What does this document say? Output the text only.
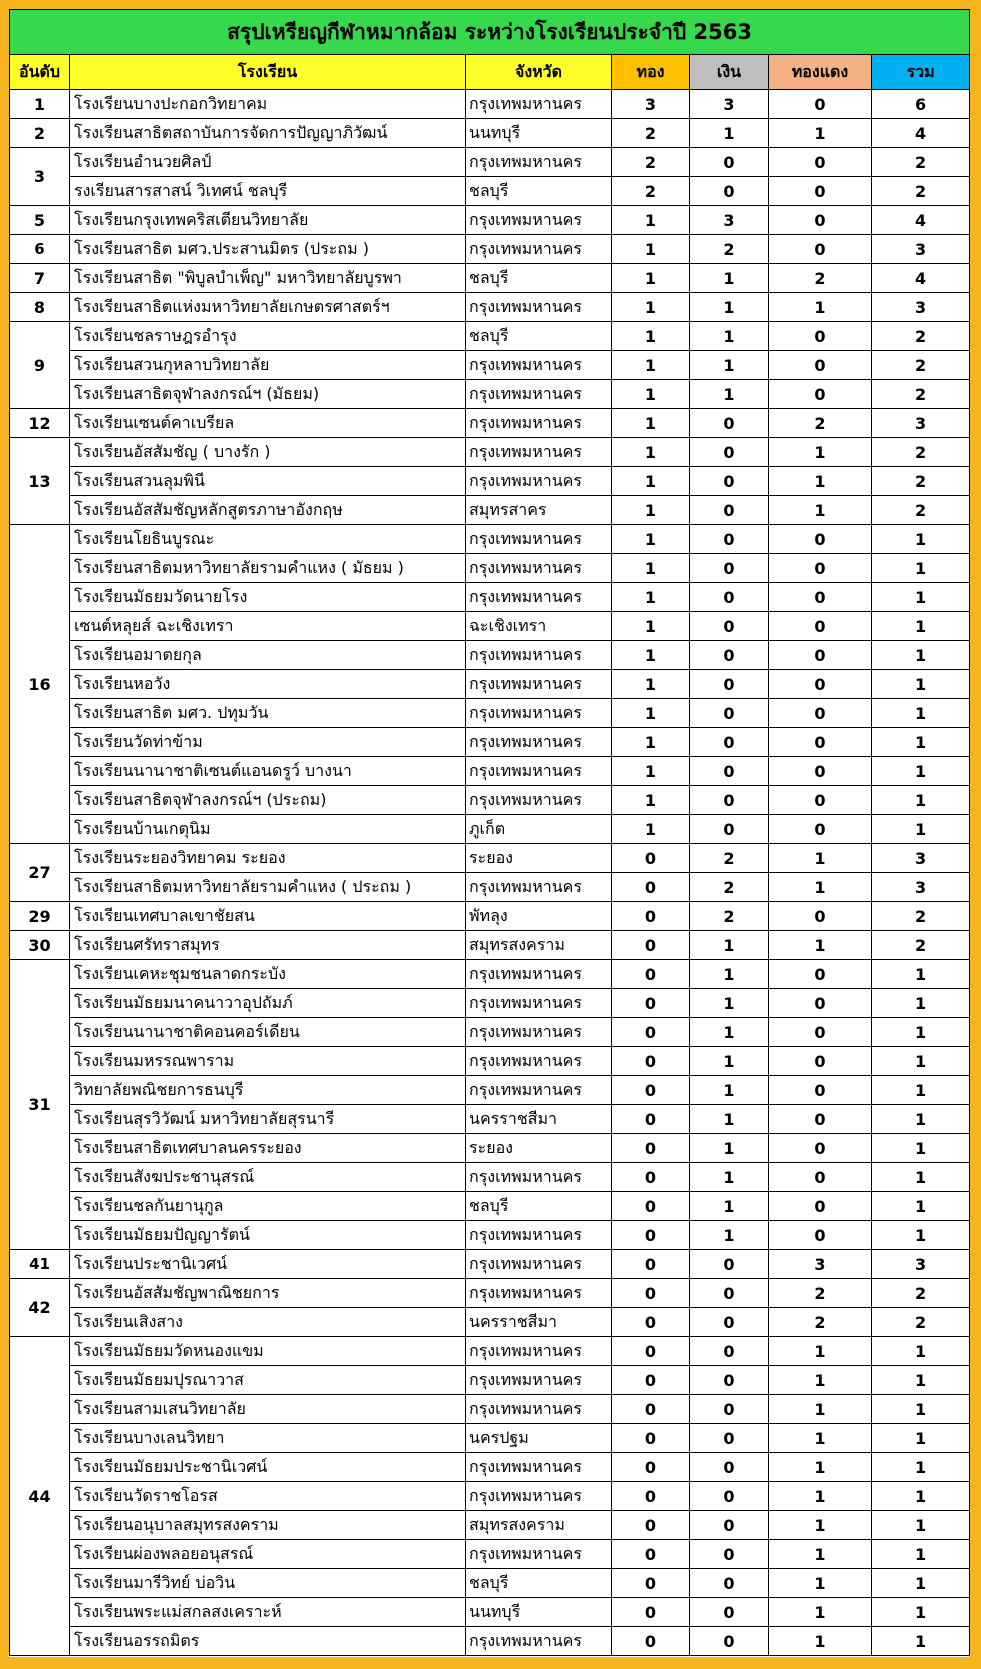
สรุปเหรียญกีฬาหมากล้อม ระหว่างโรงเรียนประจำปี 2563						
อันดับ	โรงเรียน	จังหวัด	ทอง	เงิน	ทองแดง	รวม
1	โรงเรียนบางปะกอกวิทยาคม	กรุงเทพมหานคร	3	3	0	6
2	โรงเรียนสาธิตสถาบันการจัดการปัญญาภิวัฒน์	นนทบุรี	2	1	1	4
3	โรงเรียนอำนวยศิลป์	กรุงเทพมหานคร	2	0	0	2
	รงเรียนสารสาสน์ วิเทศน์ ชลบุรี	ชลบุรี	2	0	0	2
5	โรงเรียนกรุงเทพคริสเตียนวิทยาลัย	กรุงเทพมหานคร	1	3	0	4
6	โรงเรียนสาธิต มศว.ประสานมิตร (ประถม )	กรุงเทพมหานคร	1	2	0	3
7	โรงเรียนสาธิต "พิบูลบำเพ็ญ" มหาวิทยาลัยบูรพา	ชลบุรี	1	1	2	4
8	โรงเรียนสาธิตแห่งมหาวิทยาลัยเกษตรศาสตร์ฯ	กรุงเทพมหานคร	1	1	1	3
9	โรงเรียนชลราษฎรอำรุง	ชลบุรี	1	1	0	2
	โรงเรียนสวนกุหลาบวิทยาลัย	กรุงเทพมหานคร	1	1	0	2
	โรงเรียนสาธิตจุฬาลงกรณ์ฯ (มัธยม)	กรุงเทพมหานคร	1	1	0	2
12	โรงเรียนเซนต์คาเบรียล	กรุงเทพมหานคร	1	0	2	3
13	โรงเรียนอัสสัมชัญ ( บางรัก )	กรุงเทพมหานคร	1	0	1	2
	โรงเรียนสวนลุมพินี	กรุงเทพมหานคร	1	0	1	2
	โรงเรียนอัสสัมชัญหลักสูตรภาษาอังกฤษ	สมุทรสาคร	1	0	1	2
16	โรงเรียนโยธินบูรณะ	กรุงเทพมหานคร	1	0	0	1
	โรงเรียนสาธิตมหาวิทยาลัยรามคำแหง ( มัธยม )	กรุงเทพมหานคร	1	0	0	1
	โรงเรียนมัธยมวัดนายโรง	กรุงเทพมหานคร	1	0	0	1
	เซนต์หลุยส์ ฉะเชิงเทรา	ฉะเชิงเทรา	1	0	0	1
	โรงเรียนอมาตยกุล	กรุงเทพมหานคร	1	0	0	1
	โรงเรียนหอวัง	กรุงเทพมหานคร	1	0	0	1
	โรงเรียนสาธิต มศว. ปทุมวัน	กรุงเทพมหานคร	1	0	0	1
	โรงเรียนวัดท่าข้าม	กรุงเทพมหานคร	1	0	0	1
	โรงเรียนนานาชาติเซนต์แอนดรูว์ บางนา	กรุงเทพมหานคร	1	0	0	1
	โรงเรียนสาธิตจุฬาลงกรณ์ฯ (ประถม)	กรุงเทพมหานคร	1	0	0	1
	โรงเรียนบ้านเกตุนิม	ภูเก็ต	1	0	0	1
27	โรงเรียนระยองวิทยาคม ระยอง	ระยอง	0	2	1	3
	โรงเรียนสาธิตมหาวิทยาลัยรามคำแหง ( ประถม )	กรุงเทพมหานคร	0	2	1	3
29	โรงเรียนเทศบาลเขาชัยสน	พัทลุง	0	2	0	2
30	โรงเรียนศรัทราสมุทร	สมุทรสงคราม	0	1	1	2
31	โรงเรียนเคหะชุมชนลาดกระบัง	กรุงเทพมหานคร	0	1	0	1
	โรงเรียนมัธยมนาคนาวาอุปถัมภ์	กรุงเทพมหานคร	0	1	0	1
	โรงเรียนนานาชาติคอนคอร์เดียน	กรุงเทพมหานคร	0	1	0	1
	โรงเรียนมหรรณพาราม	กรุงเทพมหานคร	0	1	0	1
	วิทยาลัยพณิชยการธนบุรี	กรุงเทพมหานคร	0	1	0	1
	โรงเรียนสุรวิวัฒน์ มหาวิทยาลัยสุรนารี	นครราชสีมา	0	1	0	1
	โรงเรียนสาธิตเทศบาลนครระยอง	ระยอง	0	1	0	1
	โรงเรียนสังฆประชานุสรณ์	กรุงเทพมหานคร	0	1	0	1
	โรงเรียนชลกันยานุกูล	ชลบุรี	0	1	0	1
	โรงเรียนมัธยมปัญญารัตน์	กรุงเทพมหานคร	0	1	0	1
41	โรงเรียนประชานิเวศน์	กรุงเทพมหานคร	0	0	3	3
42	โรงเรียนอัสสัมชัญพาณิชยการ	กรุงเทพมหานคร	0	0	2	2
	โรงเรียนเสิงสาง	นครราชสีมา	0	0	2	2
44	โรงเรียนมัธยมวัดหนองแขม	กรุงเทพมหานคร	0	0	1	1
	โรงเรียนมัธยมปุรณาวาส	กรุงเทพมหานคร	0	0	1	1
	โรงเรียนสามเสนวิทยาลัย	กรุงเทพมหานคร	0	0	1	1
	โรงเรียนบางเลนวิทยา	นครปฐม	0	0	1	1
	โรงเรียนมัธยมประชานิเวศน์	กรุงเทพมหานคร	0	0	1	1
	โรงเรียนวัดราชโอรส	กรุงเทพมหานคร	0	0	1	1
	โรงเรียนอนุบาลสมุทรสงคราม	สมุทรสงคราม	0	0	1	1
	โรงเรียนผ่องพลอยอนุสรณ์	กรุงเทพมหานคร	0	0	1	1
	โรงเรียนมารีวิทย์ บ่อวิน	ชลบุรี	0	0	1	1
	โรงเรียนพระแม่สกลสงเคราะห์	นนทบุรี	0	0	1	1
	โรงเรียนอรรถมิตร	กรุงเทพมหานคร	0	0	1	1
